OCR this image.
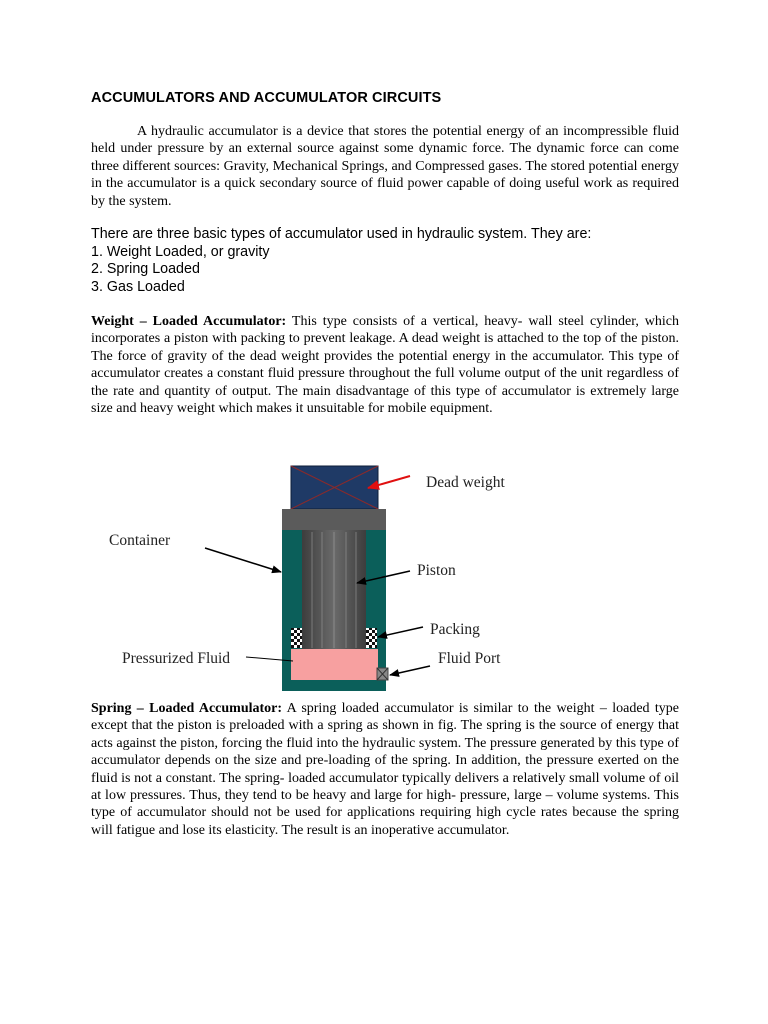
ACCUMULATORS AND ACCUMULATOR CIRCUITS

A hydraulic accumulator is a device that stores the potential energy of an incompressible fluid held under pressure by an external source against some dynamic force. The dynamic force can come three different sources: Gravity, Mechanical Springs, and Compressed gases. The stored potential energy in the accumulator is a quick secondary source of fluid power capable of doing useful work as required by the system.

There are three basic types of accumulator used in hydraulic system. They are:
1. Weight Loaded, or gravity
2. Spring Loaded
3. Gas Loaded

Weight – Loaded Accumulator: This type consists of a vertical, heavy- wall steel cylinder, which incorporates a piston with packing to prevent leakage. A dead weight is attached to the top of the piston. The force of gravity of the dead weight provides the potential energy in the accumulator. This type of accumulator creates a constant fluid pressure throughout the full volume output of the unit regardless of the rate and quantity of output. The main disadvantage of this type of accumulator is extremely large size and heavy weight which makes it unsuitable for mobile equipment.

Spring – Loaded Accumulator: A spring loaded accumulator is similar to the weight – loaded type except that the piston is preloaded with a spring as shown in fig. The spring is the source of energy that acts against the piston, forcing the fluid into the hydraulic system. The pressure generated by this type of accumulator depends on the size and pre-loading of the spring. In addition, the pressure exerted on the fluid is not a constant. The spring- loaded accumulator typically delivers a relatively small volume of oil at low pressures. Thus, they tend to be heavy and large for high- pressure, large – volume systems. This type of accumulator should not be used for applications requiring high cycle rates because the spring will fatigue and lose its elasticity. The result is an inoperative accumulator.

Dead weight
Container
Piston
Packing
Pressurized Fluid	Fluid Port
